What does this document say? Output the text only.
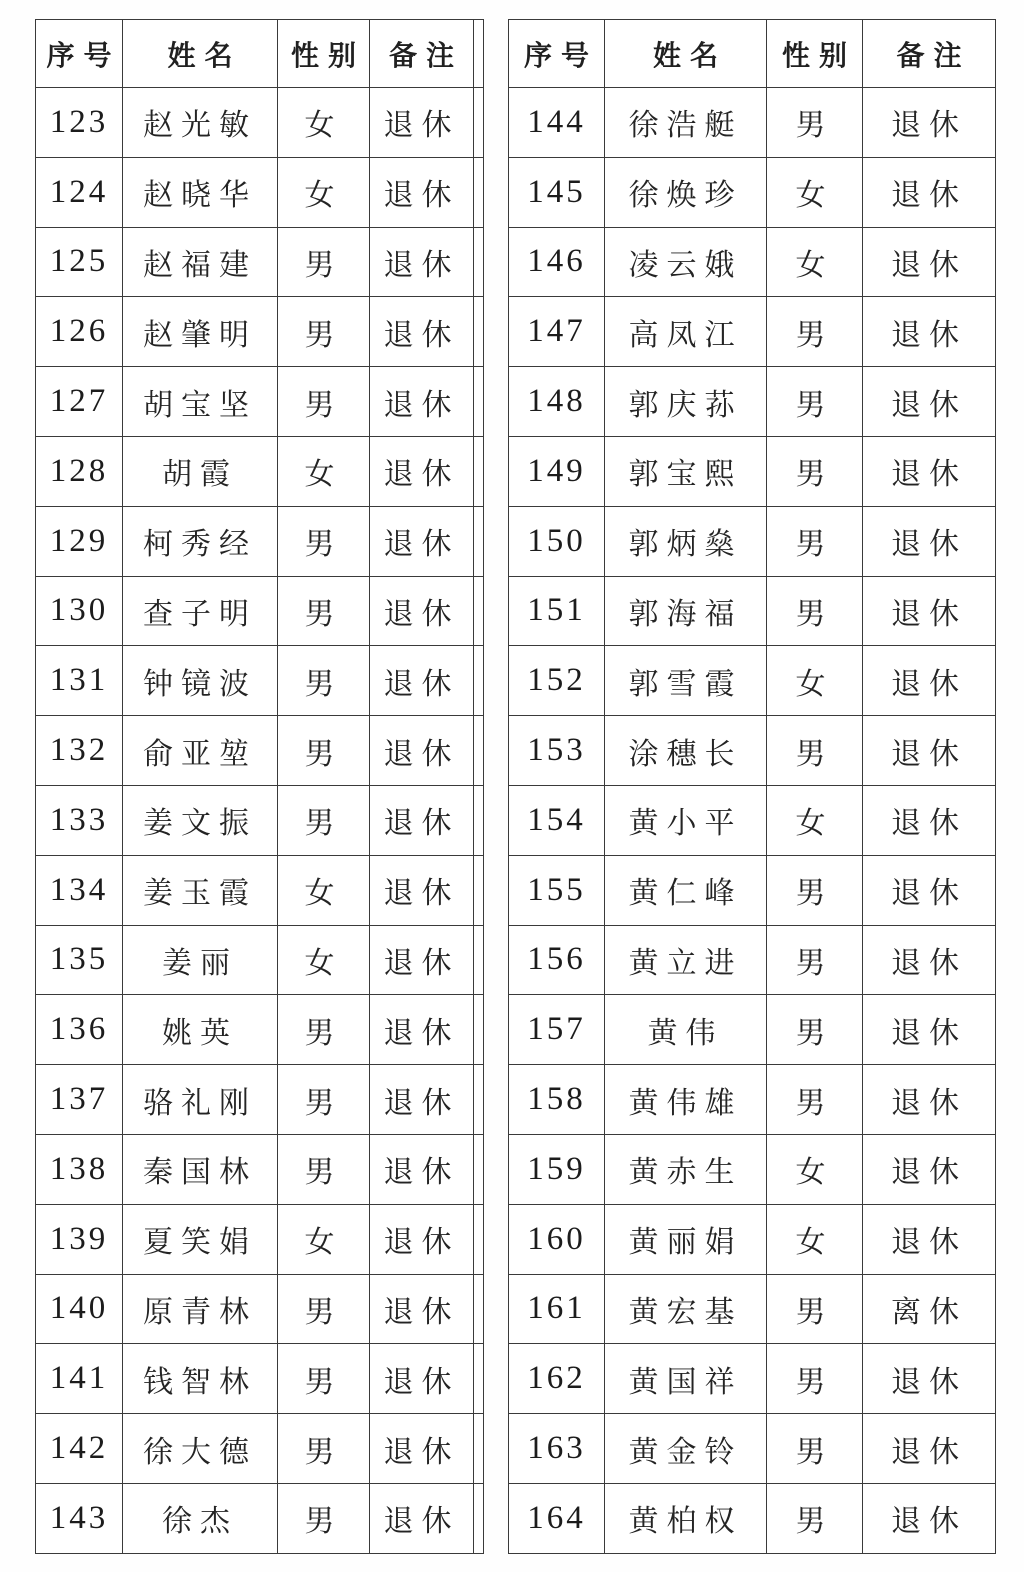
序号	姓名	性别	备注	
123	赵光敏	女	退休	
124	赵晓华	女	退休	
125	赵福建	男	退休	
126	赵肇明	男	退休	
127	胡宝坚	男	退休	
128	胡霞	女	退休	
129	柯秀经	男	退休	
130	查子明	男	退休	
131	钟镜波	男	退休	
132	俞亚堃	男	退休	
133	姜文振	男	退休	
134	姜玉霞	女	退休	
135	姜丽	女	退休	
136	姚英	男	退休	
137	骆礼刚	男	退休	
138	秦国林	男	退休	
139	夏笑娟	女	退休	
140	原青林	男	退休	
141	钱智林	男	退休	
142	徐大德	男	退休	
143	徐杰	男	退休	
序号	姓名	性别	备注
144	徐浩艇	男	退休
145	徐焕珍	女	退休
146	凌云娥	女	退休
147	高凤江	男	退休
148	郭庆荪	男	退休
149	郭宝熙	男	退休
150	郭炳燊	男	退休
151	郭海福	男	退休
152	郭雪霞	女	退休
153	涂穗长	男	退休
154	黄小平	女	退休
155	黄仁峰	男	退休
156	黄立进	男	退休
157	黄伟	男	退休
158	黄伟雄	男	退休
159	黄赤生	女	退休
160	黄丽娟	女	退休
161	黄宏基	男	离休
162	黄国祥	男	退休
163	黄金铃	男	退休
164	黄柏权	男	退休
